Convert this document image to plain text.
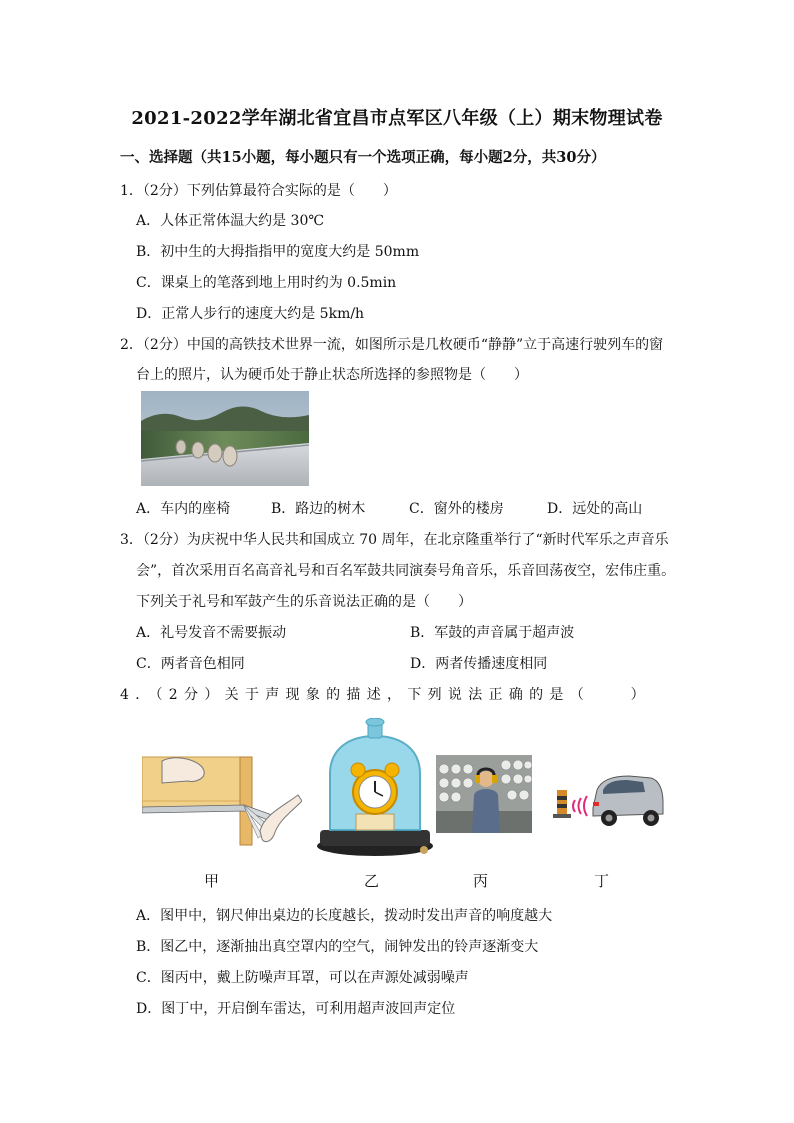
2021-2022学年湖北省宜昌市点军区八年级（上）期末物理试卷
一、选择题（共15小题，每小题只有一个选项正确，每小题2分，共30分）
1．（2分）下列估算最符合实际的是（　　）
A．人体正常体温大约是 30℃
B．初中生的大拇指指甲的宽度大约是 50mm
C．课桌上的笔落到地上用时约为 0.5min
D．正常人步行的速度大约是 5km/h
2．（2分）中国的高铁技术世界一流，如图所示是几枚硬币“静静”立于高速行驶列车的窗
台上的照片，认为硬币处于静止状态所选择的参照物是（　　）
A．车内的座椅	B．路边的树木	C．窗外的楼房	D．远处的高山
3．（2分）为庆祝中华人民共和国成立 70 周年，在北京隆重举行了“新时代军乐之声音乐
会”，首次采用百名高音礼号和百名军鼓共同演奏号角音乐，乐音回荡夜空，宏伟庄重。
下列关于礼号和军鼓产生的乐音说法正确的是（　　）
A．礼号发音不需要振动	B．军鼓的声音属于超声波
C．两者音色相同	D．两者传播速度相同
4．（2分）关于声现象的描述，下列说法正确的是（　　）
甲	乙	丙	丁
A．图甲中，钢尺伸出桌边的长度越长，拨动时发出声音的响度越大
B．图乙中，逐渐抽出真空罩内的空气，闹钟发出的铃声逐渐变大
C．图丙中，戴上防噪声耳罩，可以在声源处减弱噪声
D．图丁中，开启倒车雷达，可利用超声波回声定位
